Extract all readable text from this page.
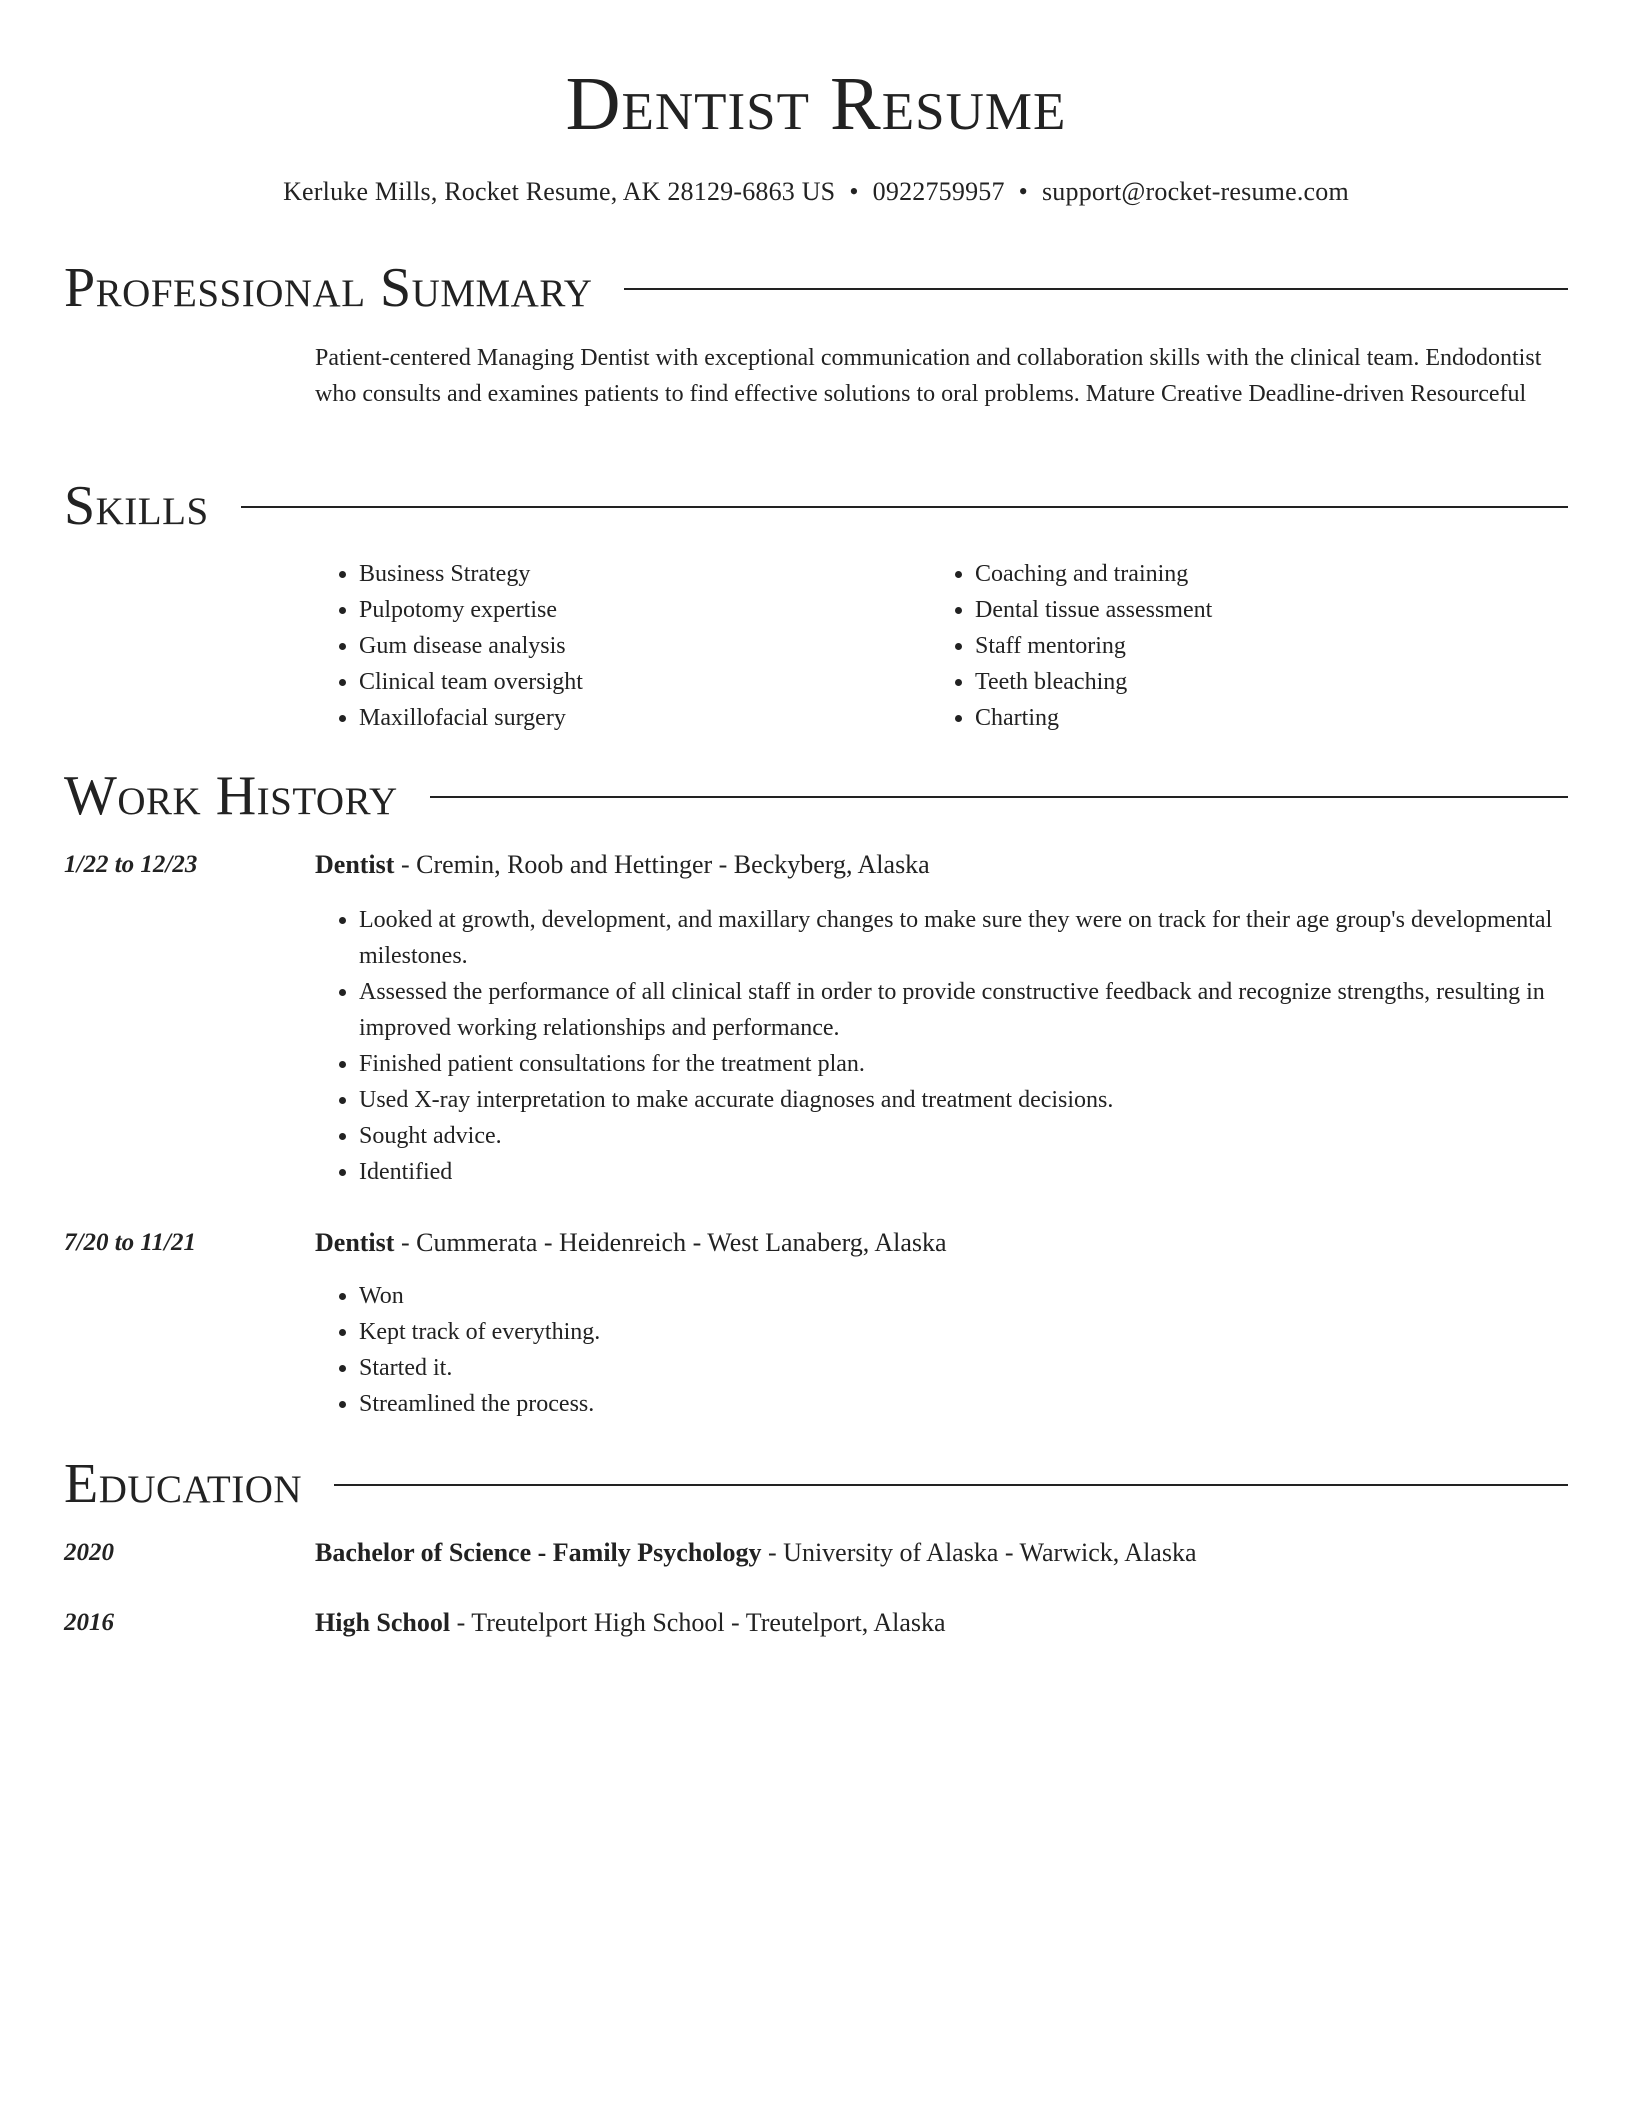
Dentist Resume
Kerluke Mills, Rocket Resume, AK 28129-6863 US • 0922759957 • support@rocket-resume.com
Professional Summary

Patient-centered Managing Dentist with exceptional communication and collaboration skills with the clinical team. Endodontist who consults and examines patients to find effective solutions to oral problems. Mature Creative Deadline-driven Resourceful

Skills
• Business Strategy
• Pulpotomy expertise
• Gum disease analysis
• Clinical team oversight
• Maxillofacial surgery
• Coaching and training
• Dental tissue assessment
• Staff mentoring
• Teeth bleaching
• Charting
Work History
1/22 to 12/23	Dentist - Cremin, Roob and Hettinger - Beckyberg, Alaska
• Looked at growth, development, and maxillary changes to make sure they were on track for their age group's developmental milestones.
• Assessed the performance of all clinical staff in order to provide constructive feedback and recognize strengths, resulting in improved working relationships and performance.
• Finished patient consultations for the treatment plan.
• Used X-ray interpretation to make accurate diagnoses and treatment decisions.
• Sought advice.
• Identified
7/20 to 11/21	Dentist - Cummerata - Heidenreich - West Lanaberg, Alaska
• Won
• Kept track of everything.
• Started it.
• Streamlined the process.
Education
2020	Bachelor of Science - Family Psychology - University of Alaska - Warwick, Alaska
2016	High School - Treutelport High School - Treutelport, Alaska
